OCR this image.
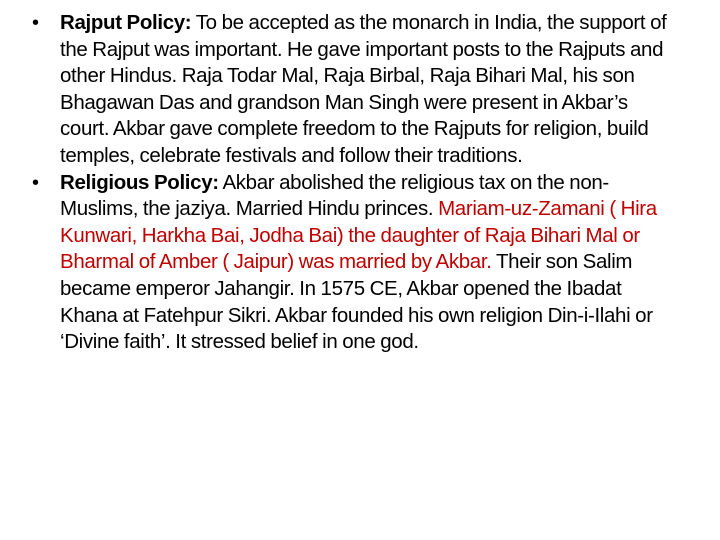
• Rajput Policy: To be accepted as the monarch in India, the support of the Rajput was important. He gave important posts to the Rajputs and other Hindus. Raja Todar Mal, Raja Birbal, Raja Bihari Mal, his son Bhagawan Das and grandson Man Singh were present in Akbar’s court. Akbar gave complete freedom to the Rajputs for religion, build temples, celebrate festivals and follow their traditions.
• Religious Policy: Akbar abolished the religious tax on the non-Muslims, the jaziya. Married Hindu princes. Mariam-uz-Zamani ( Hira Kunwari, Harkha Bai, Jodha Bai) the daughter of Raja Bihari Mal or Bharmal of Amber ( Jaipur) was married by Akbar. Their son Salim became emperor Jahangir. In 1575 CE, Akbar opened the Ibadat Khana at Fatehpur Sikri. Akbar founded his own religion Din-i-Ilahi or ‘Divine faith’. It stressed belief in one god.
